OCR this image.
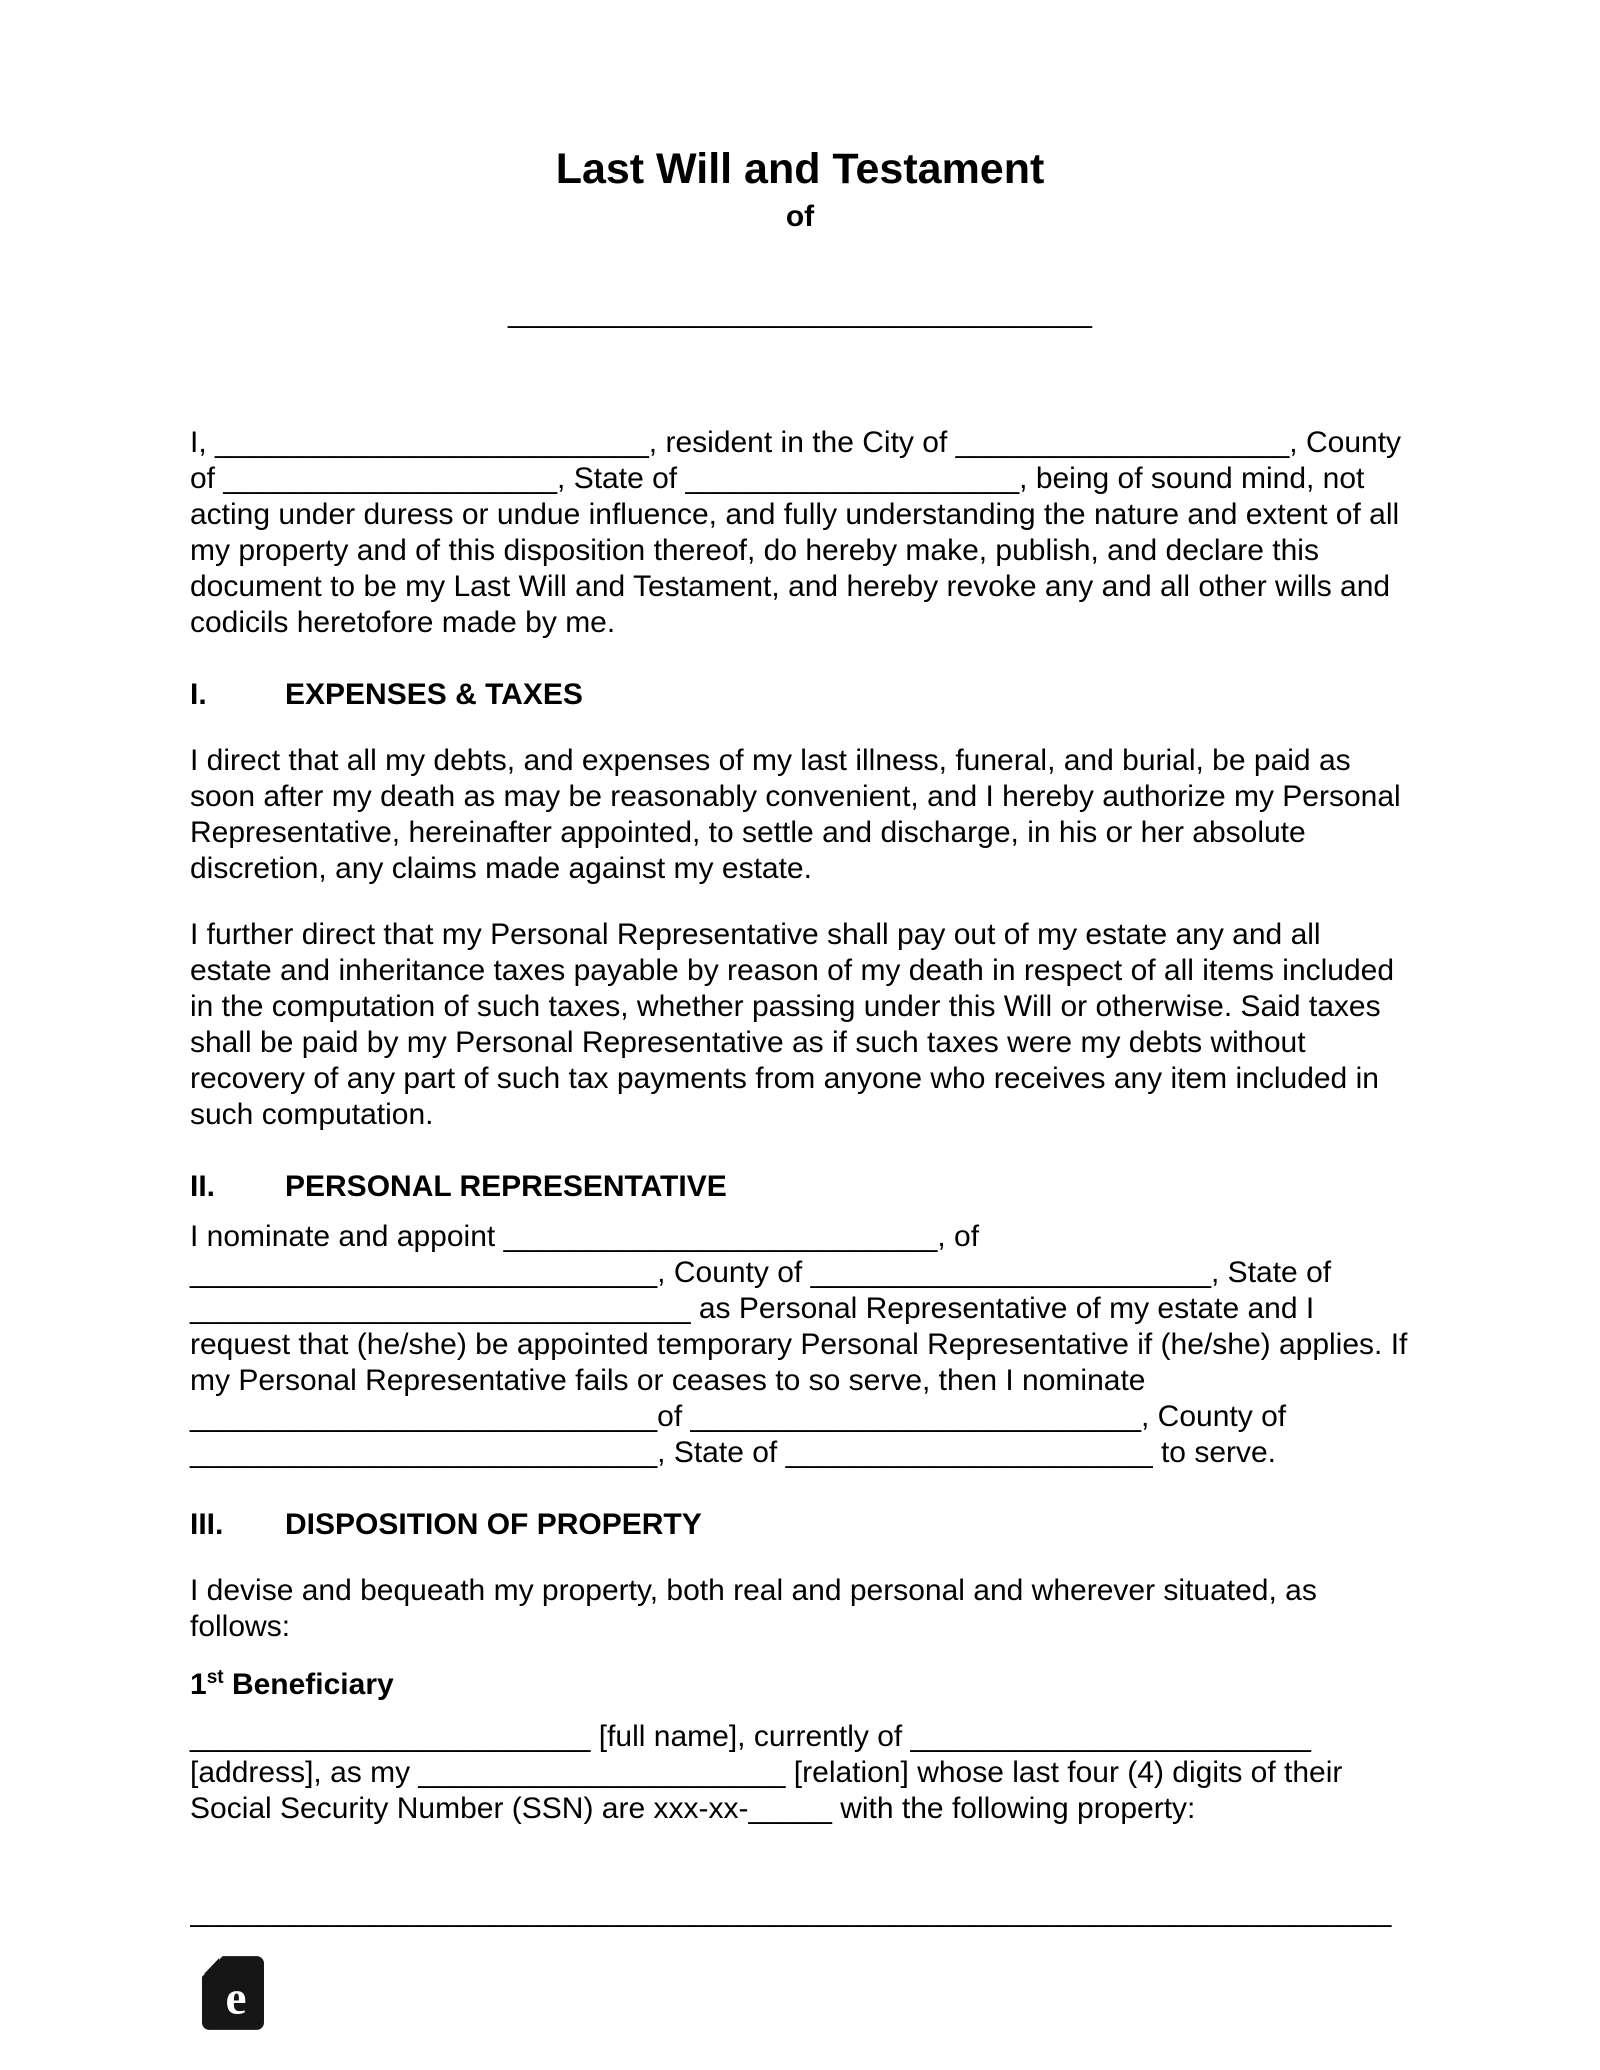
Last Will and Testament
of
___________________________________

I, __________________________, resident in the City of ____________________, County of ____________________, State of ____________________, being of sound mind, not acting under duress or undue influence, and fully understanding the nature and extent of all my property and of this disposition thereof, do hereby make, publish, and declare this document to be my Last Will and Testament, and hereby revoke any and all other wills and codicils heretofore made by me.

I.	EXPENSES & TAXES

I direct that all my debts, and expenses of my last illness, funeral, and burial, be paid as soon after my death as may be reasonably convenient, and I hereby authorize my Personal Representative, hereinafter appointed, to settle and discharge, in his or her absolute discretion, any claims made against my estate.

I further direct that my Personal Representative shall pay out of my estate any and all estate and inheritance taxes payable by reason of my death in respect of all items included in the computation of such taxes, whether passing under this Will or otherwise. Said taxes shall be paid by my Personal Representative as if such taxes were my debts without recovery of any part of such tax payments from anyone who receives any item included in such computation.

II. PERSONAL REPRESENTATIVE

I nominate and appoint __________________________, of ____________________________, County of ________________________, State of ______________________________ as Personal Representative of my estate and I request that (he/she) be appointed temporary Personal Representative if (he/she) applies. If my Personal Representative fails or ceases to so serve, then I nominate ____________________________of ___________________________, County of ____________________________, State of ______________________ to serve.

III. DISPOSITION OF PROPERTY

I devise and bequeath my property, both real and personal and wherever situated, as follows:

1st Beneficiary

________________________ [full name], currently of ________________________ [address], as my ______________________ [relation] whose last four (4) digits of their Social Security Number (SSN) are xxx-xx-_____ with the following property:

________________________________________________________________________
e
